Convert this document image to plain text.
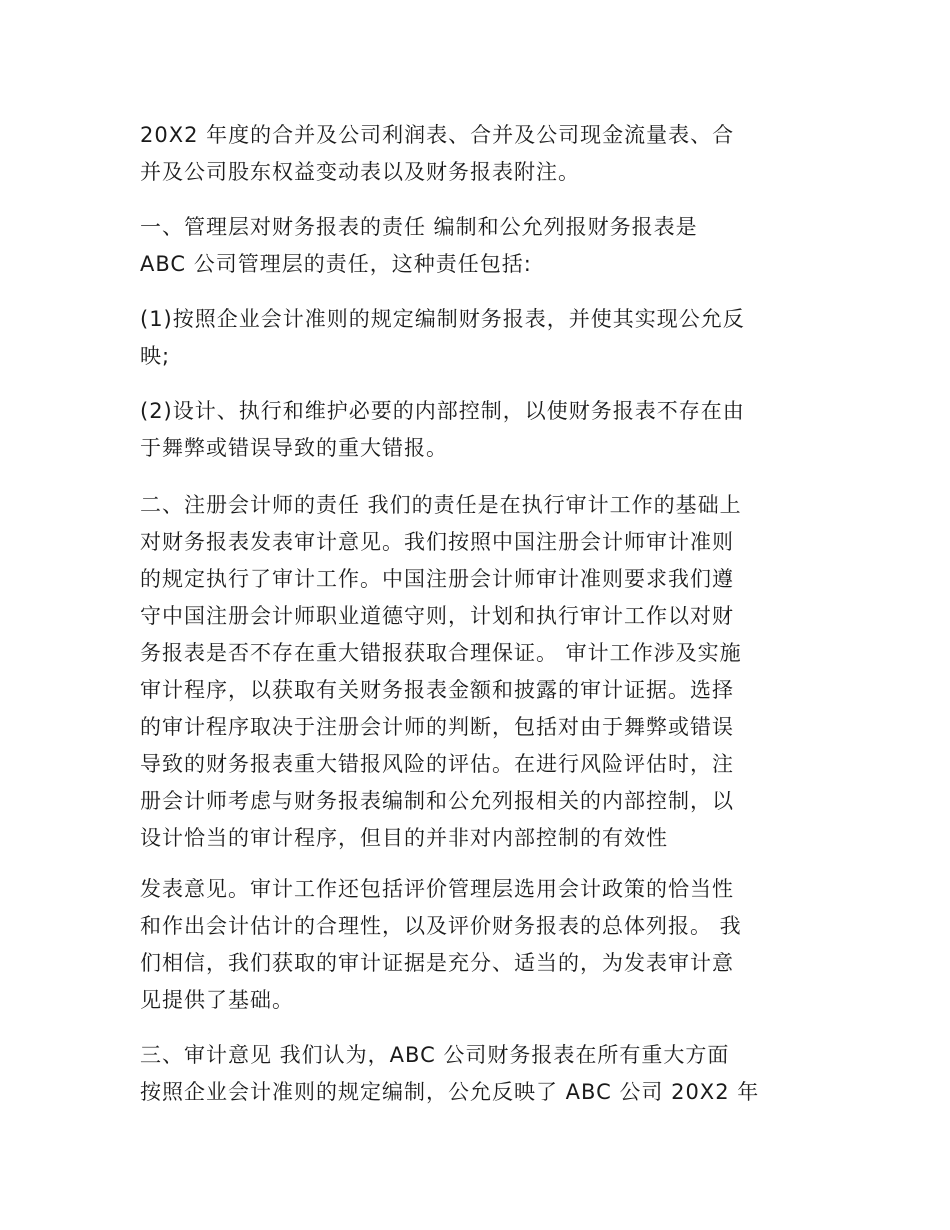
20X2 年度的合并及公司利润表、合并及公司现金流量表、合
并及公司股东权益变动表以及财务报表附注。

一、管理层对财务报表的责任 编制和公允列报财务报表是
ABC 公司管理层的责任，这种责任包括:

(1)按照企业会计准则的规定编制财务报表，并使其实现公允反
映;

(2)设计、执行和维护必要的内部控制，以使财务报表不存在由
于舞弊或错误导致的重大错报。

二、注册会计师的责任 我们的责任是在执行审计工作的基础上
对财务报表发表审计意见。我们按照中国注册会计师审计准则
的规定执行了审计工作。中国注册会计师审计准则要求我们遵
守中国注册会计师职业道德守则，计划和执行审计工作以对财
务报表是否不存在重大错报获取合理保证。 审计工作涉及实施
审计程序，以获取有关财务报表金额和披露的审计证据。选择
的审计程序取决于注册会计师的判断，包括对由于舞弊或错误
导致的财务报表重大错报风险的评估。在进行风险评估时，注
册会计师考虑与财务报表编制和公允列报相关的内部控制，以
设计恰当的审计程序，但目的并非对内部控制的有效性

发表意见。审计工作还包括评价管理层选用会计政策的恰当性
和作出会计估计的合理性，以及评价财务报表的总体列报。 我
们相信，我们获取的审计证据是充分、适当的，为发表审计意
见提供了基础。

三、审计意见 我们认为，ABC 公司财务报表在所有重大方面
按照企业会计准则的规定编制，公允反映了 ABC 公司 20X2 年
